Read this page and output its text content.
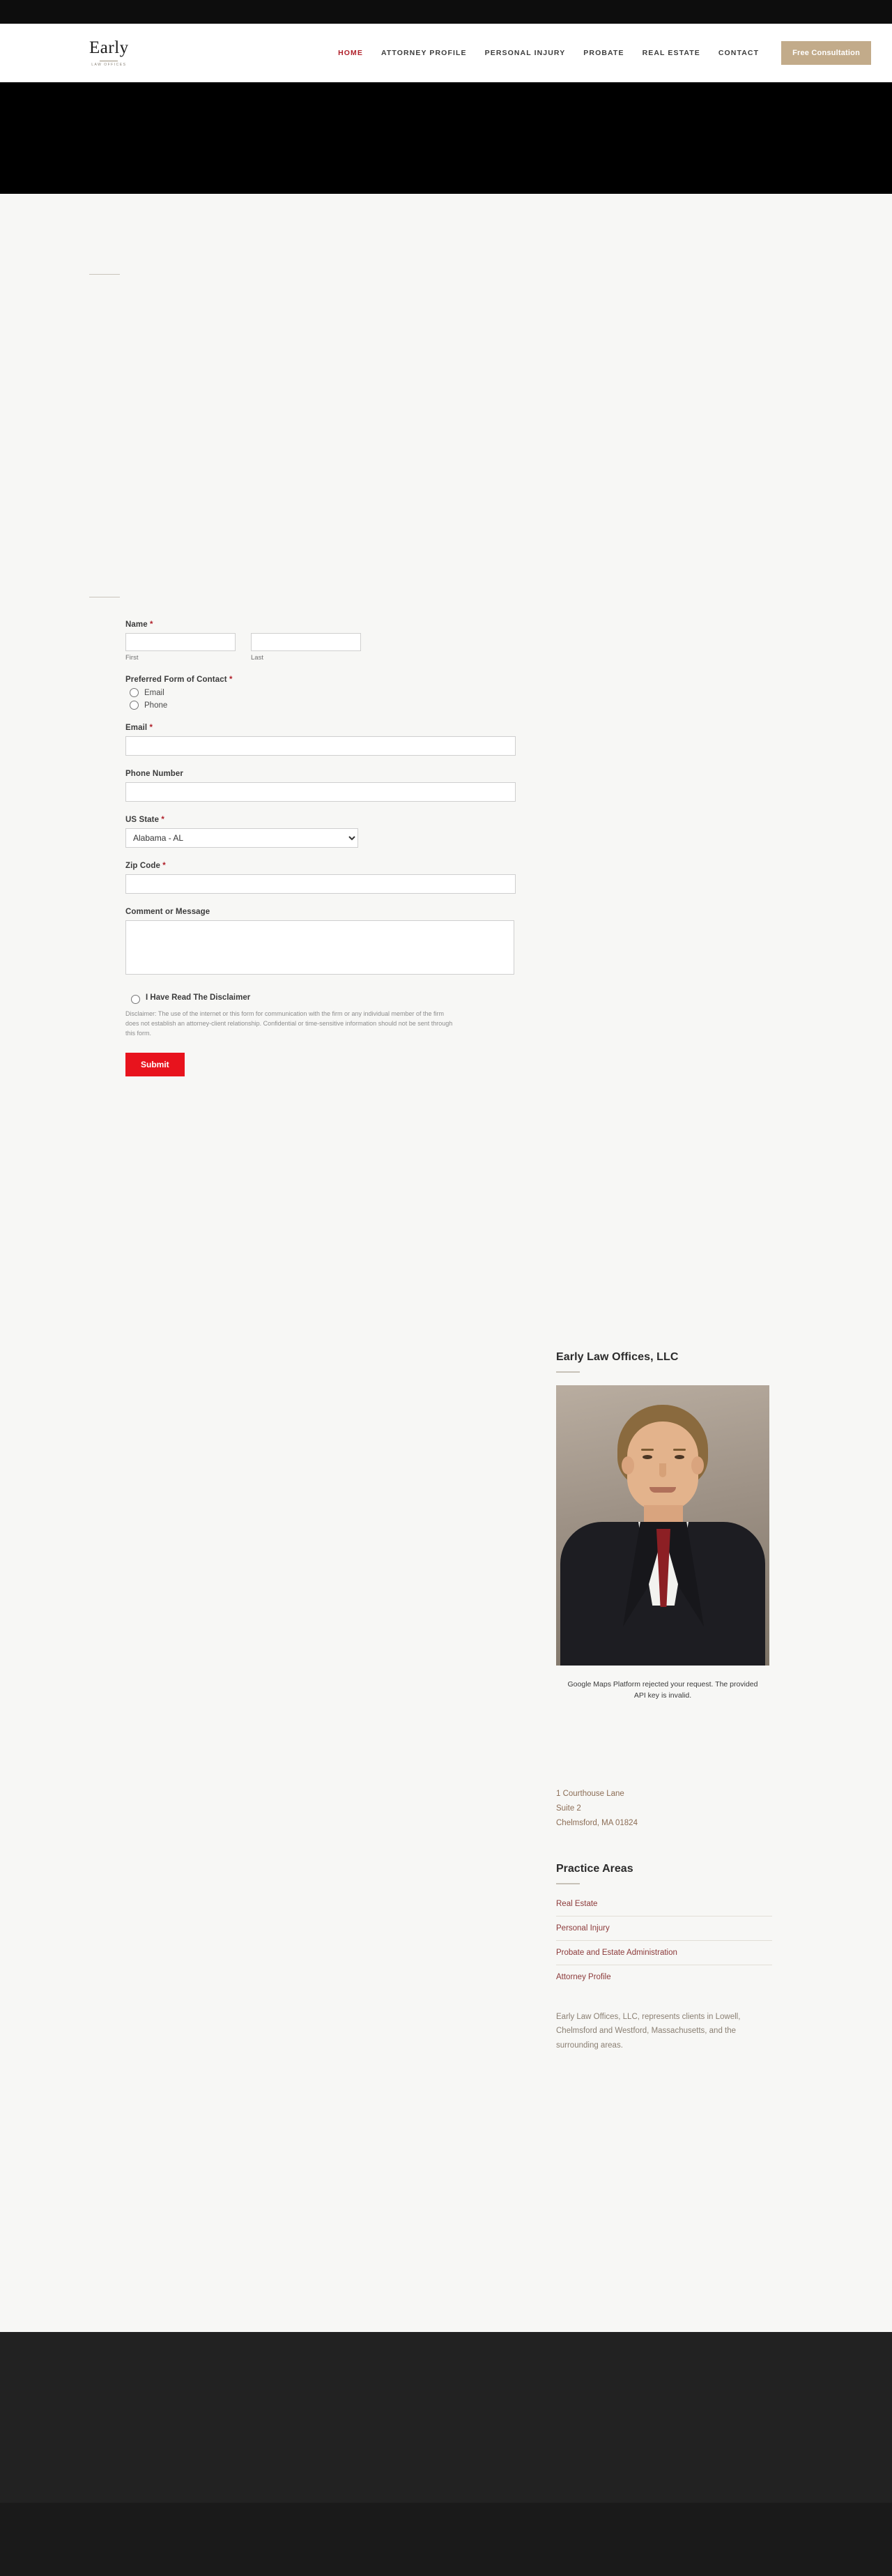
Early
LAW OFFICES
HOME ATTORNEY PROFILE PERSONAL INJURY PROBATE REAL ESTATE CONTACT	Free Consultation
Name *
First	Last
Preferred Form of Contact *
Email
Phone
Email *
Phone Number
US State *
Alabama - AL
Zip Code *
Comment or Message
I Have Read The Disclaimer
Disclaimer: The use of the internet or this form for communication with the firm or any individual member of the firm does not establish an attorney-client relationship. Confidential or time-sensitive information should not be sent through this form.
Submit
Early Law Offices, LLC
Google Maps Platform rejected your request. The provided API key is invalid.
1 Courthouse Lane
Suite 2
Chelmsford, MA 01824
Practice Areas
Real Estate
Personal Injury
Probate and Estate Administration
Attorney Profile
Early Law Offices, LLC, represents clients in Lowell, Chelmsford and Westford, Massachusetts, and the surrounding areas.
